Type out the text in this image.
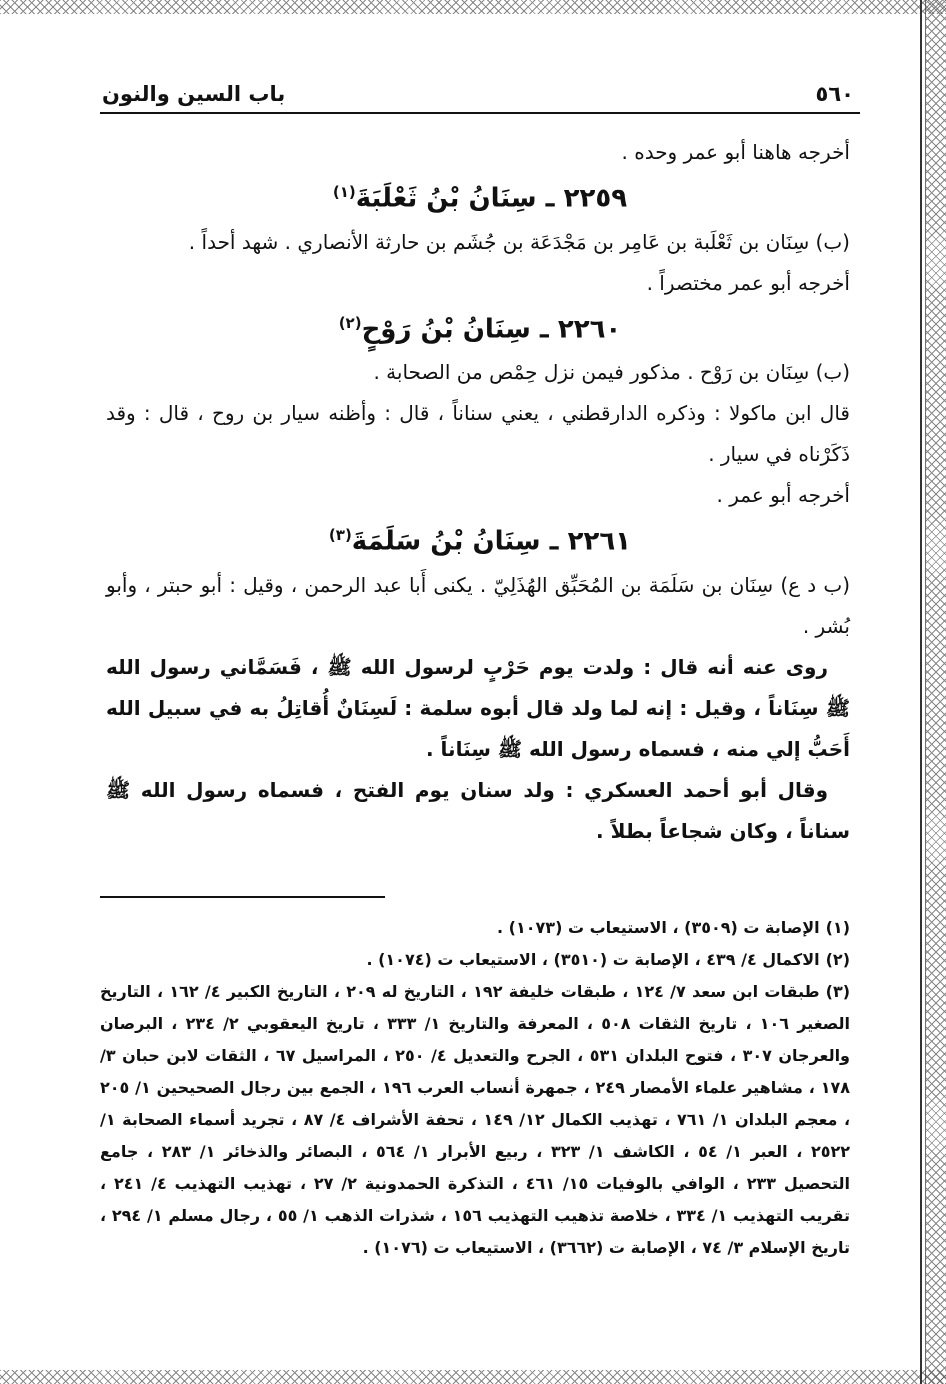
٥٦٠
باب السين والنون

أخرجه هاهنا أبو عمر وحده .

٢٢٥٩ ـ سِنَانُ بْنُ ثَعْلَبَةَ$^{(١)}$

(ب) سِنَان بن ثَعْلَبة بن عَامِر بن مَجْدَعَة بن جُشَم بن حارثة الأنصاري . شهد أحداً .

أخرجه أبو عمر مختصراً .

٢٢٦٠ ـ سِنَانُ بْنُ رَوْحٍ$^{(٢)}$

(ب) سِنَان بن رَوْح . مذكور فيمن نزل حِمْص من الصحابة .

قال ابن ماكولا : وذكره الدارقطني ، يعني سناناً ، قال : وأظنه سيار بن روح ، قال : وقد ذَكَرْناه في سيار .

أخرجه أبو عمر .

٢٢٦١ ـ سِنَانُ بْنُ سَلَمَةَ$^{(٣)}$

(ب د ع) سِنَان بن سَلَمَة بن المُحَبِّق الهُذَلِيّ . يكنى أَبا عبد الرحمن ، وقيل : أبو حبتر ، وأبو بُشر .

روى عنه أنه قال : ولدت يوم حَرْبٍ لرسول الله ﷺ ، فَسَمَّاني رسول الله ﷺ سِنَاناً ، وقيل : إنه لما ولد قال أبوه سلمة : لَسِنَانٌ أُقاتِلُ به في سبيل الله أَحَبُّ إلي منه ، فسماه رسول الله ﷺ سِنَاناً .

وقال أبو أحمد العسكري : ولد سنان يوم الفتح ، فسماه رسول الله ﷺ سناناً ، وكان شجاعاً بطلاً .

(١)الإصابة ت (٣٥٠٩) ، الاستيعاب ت (١٠٧٣) .

(٢)الاكمال ٤/ ٤٣٩ ، الإصابة ت (٣٥١٠) ، الاستيعاب ت (١٠٧٤) .

(٣)طبقات ابن سعد ٧/ ١٢٤ ، طبقات خليفة ١٩٢ ، التاريخ له ٢٠٩ ، التاريخ الكبير ٤/ ١٦٢ ، التاريخ الصغير ١٠٦ ، تاريخ الثقات ٥٠٨ ، المعرفة والتاريخ ١/ ٣٣٣ ، تاريخ اليعقوبي ٢/ ٢٣٤ ، البرصان والعرجان ٣٠٧ ، فتوح البلدان ٥٣١ ، الجرح والتعديل ٤/ ٢٥٠ ، المراسيل ٦٧ ، الثقات لابن حبان ٣/ ١٧٨ ، مشاهير علماء الأمصار ٢٤٩ ، جمهرة أنساب العرب ١٩٦ ، الجمع بين رجال الصحيحين ١/ ٢٠٥ ، معجم البلدان ١/ ٧٦١ ، تهذيب الكمال ١٢/ ١٤٩ ، تحفة الأشراف ٤/ ٨٧ ، تجريد أسماء الصحابة ١/ ٢٥٢٢ ، العبر ١/ ٥٤ ، الكاشف ١/ ٣٢٣ ، ربيع الأبرار ١/ ٥٦٤ ، البصائر والذخائر ١/ ٢٨٣ ، جامع التحصيل ٢٣٣ ، الوافي بالوفيات ١٥/ ٤٦١ ، التذكرة الحمدونية ٢/ ٢٧ ، تهذيب التهذيب ٤/ ٢٤١ ، تقريب التهذيب ١/ ٣٣٤ ، خلاصة تذهيب التهذيب ١٥٦ ، شذرات الذهب ١/ ٥٥ ، رجال مسلم ١/ ٢٩٤ ، تاريخ الإسلام ٣/ ٧٤ ، الإصابة ت (٣٦٦٢) ، الاستيعاب ت (١٠٧٦) .
